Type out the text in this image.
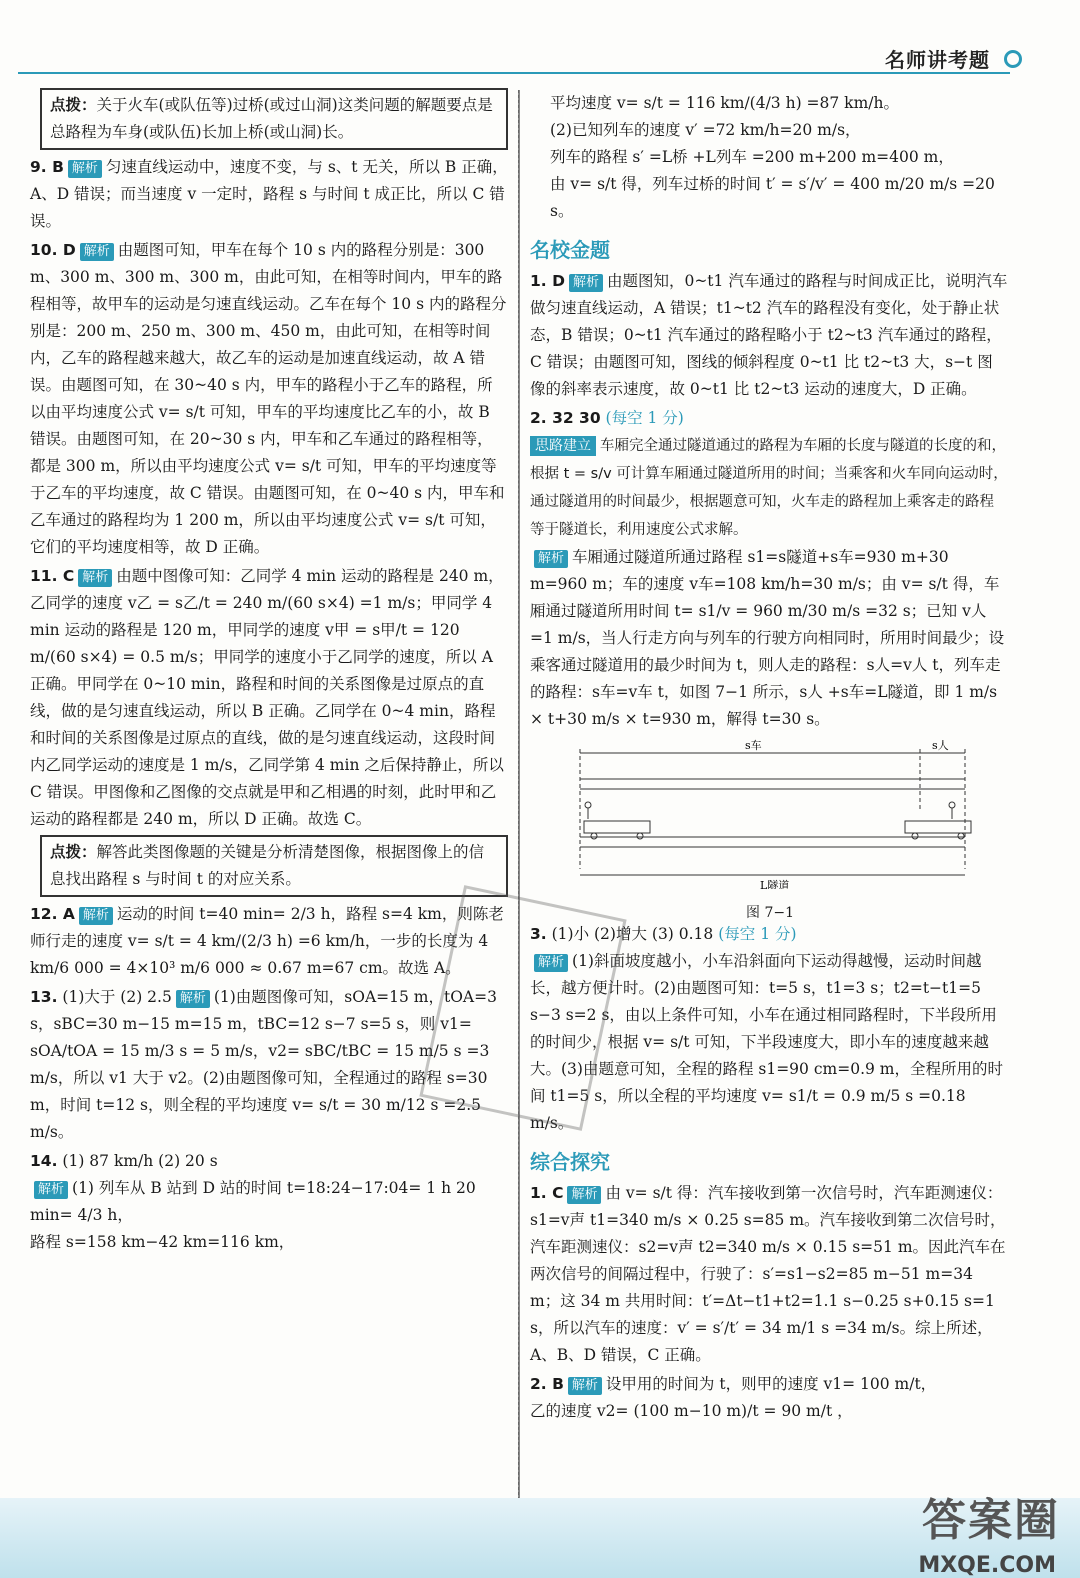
名师讲考题
点拨：关于火车(或队伍等)过桥(或过山洞)这类问题的解题要点是总路程为车身(或队伍)长加上桥(或山洞)长。
9. B 解析 匀速直线运动中，速度不变，与 s、t 无关，所以 B 正确，A、D 错误；而当速度 v 一定时，路程 s 与时间 t 成正比，所以 C 错误。
10. D 解析 由题图可知，甲车在每个 10 s 内的路程分别是：300 m、300 m、300 m、300 m，由此可知，在相等时间内，甲车的路程相等，故甲车的运动是匀速直线运动。乙车在每个 10 s 内的路程分别是：200 m、250 m、300 m、450 m，由此可知，在相等时间内，乙车的路程越来越大，故乙车的运动是加速直线运动，故 A 错误。由题图可知，在 30~40 s 内，甲车的路程小于乙车的路程，所以由平均速度公式 v= s/t 可知，甲车的平均速度比乙车的小，故 B 错误。由题图可知，在 20~30 s 内，甲车和乙车通过的路程相等，都是 300 m，所以由平均速度公式 v= s/t 可知，甲车的平均速度等于乙车的平均速度，故 C 错误。由题图可知，在 0~40 s 内，甲车和乙车通过的路程均为 1 200 m，所以由平均速度公式 v= s/t 可知，它们的平均速度相等，故 D 正确。
11. C 解析 由题中图像可知：乙同学 4 min 运动的路程是 240 m，乙同学的速度 v乙 = s乙/t = 240 m/(60 s×4) =1 m/s；甲同学 4 min 运动的路程是 120 m，甲同学的速度 v甲 = s甲/t = 120 m/(60 s×4) = 0.5 m/s；甲同学的速度小于乙同学的速度，所以 A 正确。甲同学在 0~10 min，路程和时间的关系图像是过原点的直线，做的是匀速直线运动，所以 B 正确。乙同学在 0~4 min，路程和时间的关系图像是过原点的直线，做的是匀速直线运动，这段时间内乙同学运动的速度是 1 m/s，乙同学第 4 min 之后保持静止，所以 C 错误。甲图像和乙图像的交点就是甲和乙相遇的时刻，此时甲和乙运动的路程都是 240 m，所以 D 正确。故选 C。
点拨：解答此类图像题的关键是分析清楚图像，根据图像上的信息找出路程 s 与时间 t 的对应关系。
12. A 解析 运动的时间 t=40 min= 2/3 h，路程 s=4 km，则陈老师行走的速度 v= s/t = 4 km/(2/3 h) =6 km/h，一步的长度为 4 km/6 000 = 4×10³ m/6 000 ≈ 0.67 m=67 cm。故选 A。
13. (1)大于 (2) 2.5 解析 (1)由题图像可知，sOA=15 m，tOA=3 s，sBC=30 m−15 m=15 m，tBC=12 s−7 s=5 s，则 v1= sOA/tOA = 15 m/3 s = 5 m/s，v2= sBC/tBC = 15 m/5 s =3 m/s，所以 v1 大于 v2。(2)由题图像可知，全程通过的路程 s=30 m，时间 t=12 s，则全程的平均速度 v= s/t = 30 m/12 s =2.5 m/s。
14. (1) 87 km/h (2) 20 s
解析 (1) 列车从 B 站到 D 站的时间 t=18:24−17:04= 1 h 20 min= 4/3 h，
路程 s=158 km−42 km=116 km，
平均速度 v= s/t = 116 km/(4/3 h) =87 km/h。
(2)已知列车的速度 v′ =72 km/h=20 m/s，
列车的路程 s′ =L桥 +L列车 =200 m+200 m=400 m，
由 v= s/t 得，列车过桥的时间 t′ = s′/v′ = 400 m/20 m/s =20 s。
名校金题
1. D 解析 由题图知，0~t1 汽车通过的路程与时间成正比，说明汽车做匀速直线运动，A 错误；t1~t2 汽车的路程没有变化，处于静止状态，B 错误；0~t1 汽车通过的路程略小于 t2~t3 汽车通过的路程，C 错误；由题图可知，图线的倾斜程度 0~t1 比 t2~t3 大，s−t 图像的斜率表示速度，故 0~t1 比 t2~t3 运动的速度大，D 正确。
2. 32 30 (每空 1 分)
思路建立 车厢完全通过隧道通过的路程为车厢的长度与隧道的长度的和，根据 t = s/v 可计算车厢通过隧道所用的时间；当乘客和火车同向运动时，通过隧道用的时间最少，根据题意可知，火车走的路程加上乘客走的路程等于隧道长，利用速度公式求解。
解析 车厢通过隧道所通过路程 s1=s隧道+s车=930 m+30 m=960 m；车的速度 v车=108 km/h=30 m/s；由 v= s/t 得，车厢通过隧道所用时间 t= s1/v = 960 m/30 m/s =32 s；已知 v人=1 m/s，当人行走方向与列车的行驶方向相同时，所用时间最少；设乘客通过隧道用的最少时间为 t，则人走的路程：s人=v人 t，列车走的路程：s车=v车 t，如图 7−1 所示，s人 +s车=L隧道，即 1 m/s × t+30 m/s × t=930 m，解得 t=30 s。
s车	s人
L隧道
图 7−1
3. (1)小 (2)增大 (3) 0.18 (每空 1 分)
解析 (1)斜面坡度越小，小车沿斜面向下运动得越慢，运动时间越长，越方便计时。(2)由题图可知：t=5 s，t1=3 s；t2=t−t1=5 s−3 s=2 s，由以上条件可知，小车在通过相同路程时，下半段所用的时间少，根据 v= s/t 可知，下半段速度大，即小车的速度越来越大。(3)由题意可知，全程的路程 s1=90 cm=0.9 m，全程所用的时间 t1=5 s，所以全程的平均速度 v= s1/t = 0.9 m/5 s =0.18 m/s。
综合探究
1. C 解析 由 v= s/t 得：汽车接收到第一次信号时，汽车距测速仪：s1=v声 t1=340 m/s × 0.25 s=85 m。汽车接收到第二次信号时，汽车距测速仪：s2=v声 t2=340 m/s × 0.15 s=51 m。因此汽车在两次信号的间隔过程中，行驶了：s′=s1−s2=85 m−51 m=34 m；这 34 m 共用时间：t′=Δt−t1+t2=1.1 s−0.25 s+0.15 s=1 s，所以汽车的速度：v′ = s′/t′ = 34 m/1 s =34 m/s。综上所述，A、B、D 错误，C 正确。
2. B 解析 设甲用的时间为 t，则甲的速度 v1= 100 m/t，
乙的速度 v2= (100 m−10 m)/t = 90 m/t ，
答案圈
MXQE.COM
